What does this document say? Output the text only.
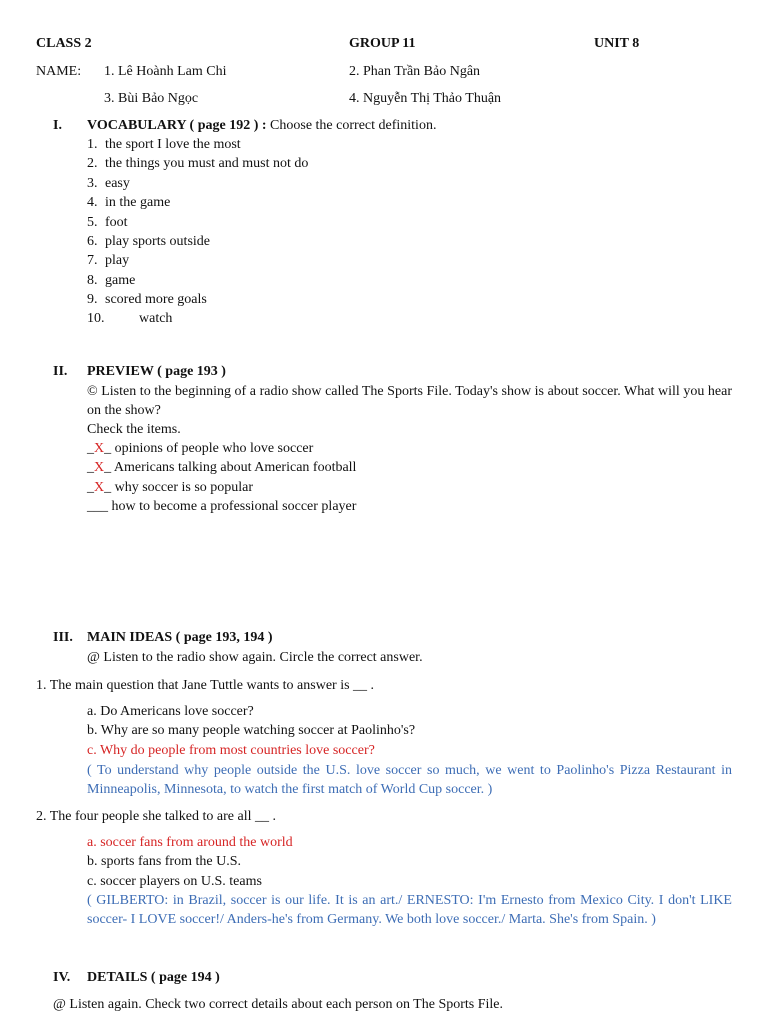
CLASS 2	GROUP 11	UNIT 8
NAME: 1. Lê Hoành Lam Chi	2. Phan Trần Bảo Ngân
3. Bùi Bảo Ngọc	4. Nguyễn Thị Thảo Thuận
I. VOCABULARY ( page 192 ) : Choose the correct definition.
1. the sport I love the most
2. the things you must and must not do
3. easy
4. in the game
5. foot
6. play sports outside
7. play
8. game
9. scored more goals
10. watch
II. PREVIEW ( page 193 )
© Listen to the beginning of a radio show called The Sports File. Today's show is about soccer. What will you hear on the show?
Check the items.
_X_ opinions of people who love soccer
_X_ Americans talking about American football
_X_ why soccer is so popular
___ how to become a professional soccer player
III. MAIN IDEAS ( page 193, 194 )
@ Listen to the radio show again. Circle the correct answer.
1. The main question that Jane Tuttle wants to answer is __ .
a. Do Americans love soccer?
b. Why are so many people watching soccer at Paolinho's?
c. Why do people from most countries love soccer?
( To understand why people outside the U.S. love soccer so much, we went to Paolinho's Pizza Restaurant in Minneapolis, Minnesota, to watch the first match of World Cup soccer. )
2. The four people she talked to are all __ .
a. soccer fans from around the world
b. sports fans from the U.S.
c. soccer players on U.S. teams
( GILBERTO: in Brazil, soccer is our life. It is an art./ ERNESTO: I'm Ernesto from Mexico City. I don't LIKE soccer- I LOVE soccer!/ Anders-he's from Germany. We both love soccer./ Marta. She's from Spain. )
IV. DETAILS ( page 194 )
@ Listen again. Check two correct details about each person on The Sports File.
